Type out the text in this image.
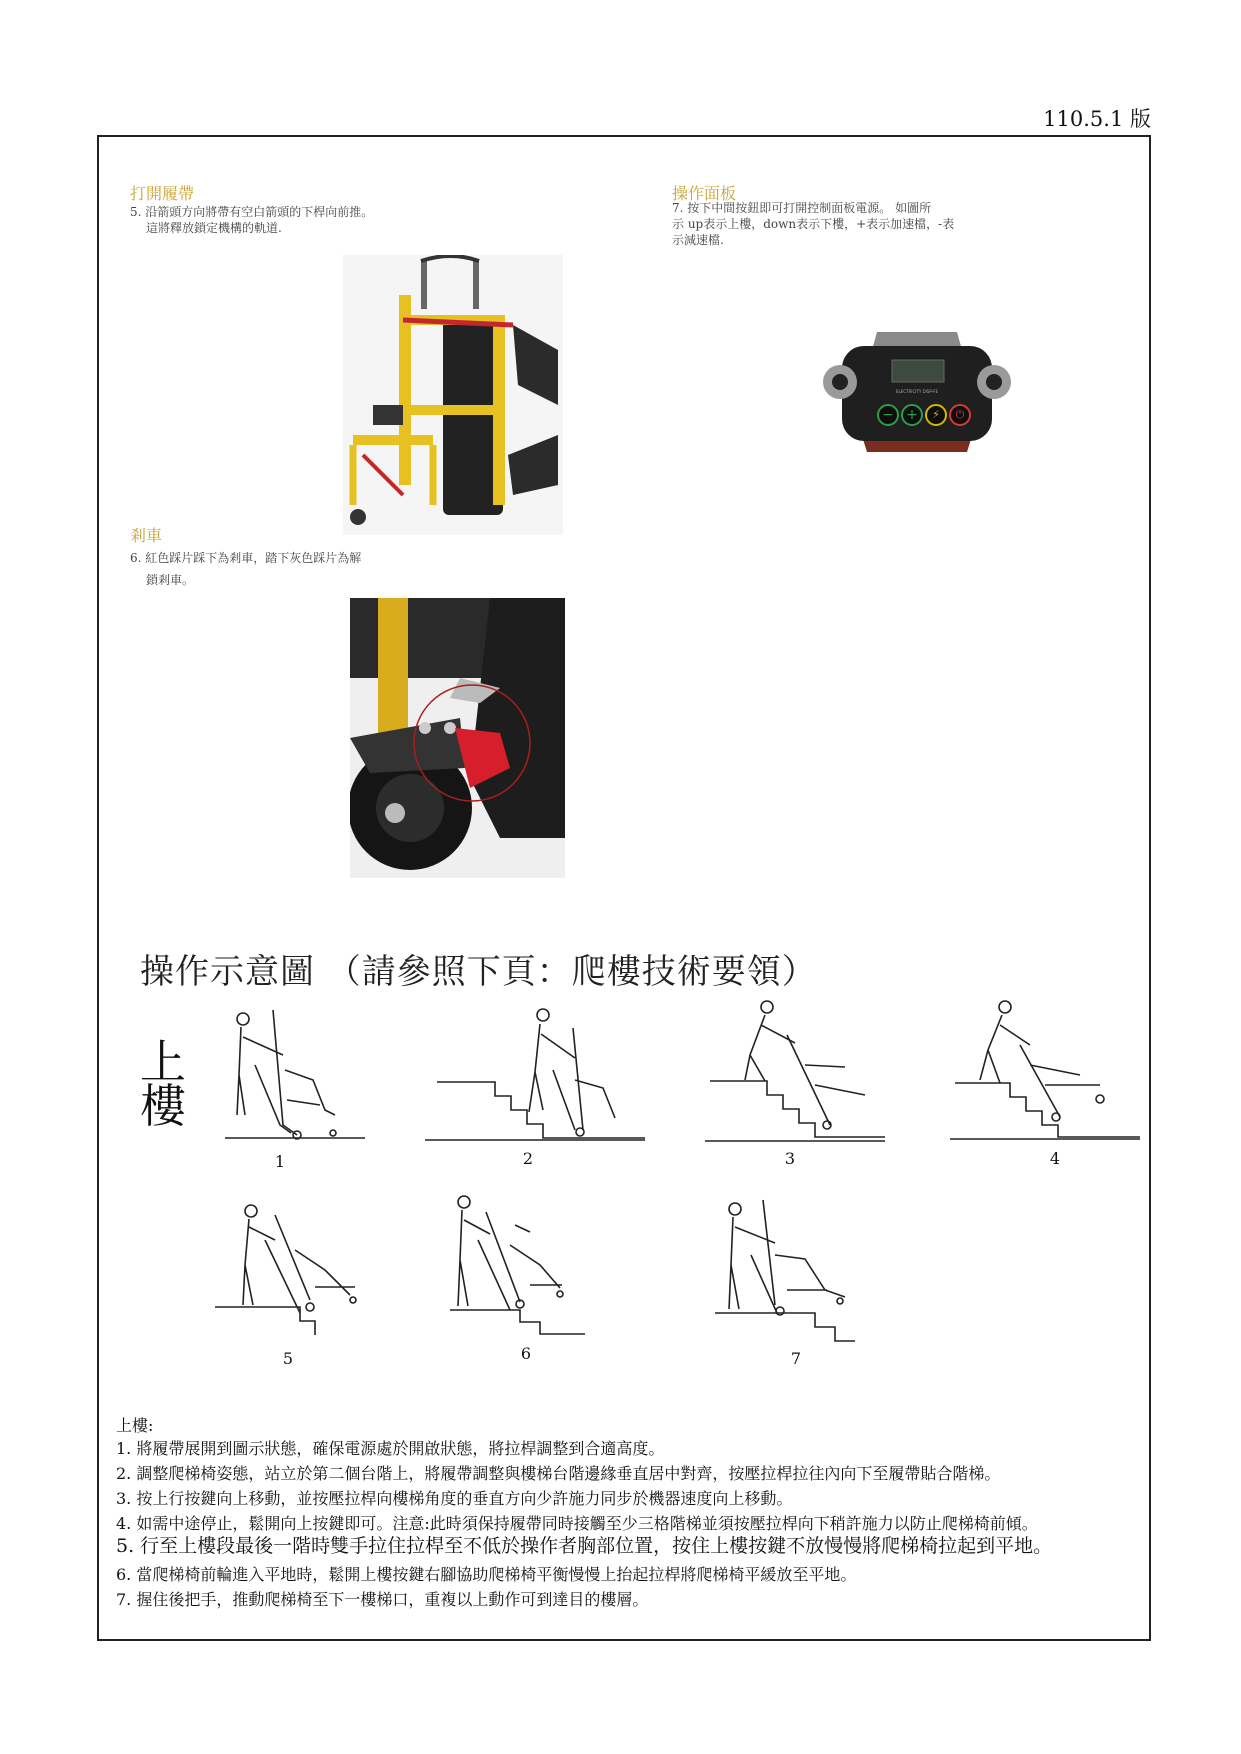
110.5.1 版
打開履帶
5. 沿箭頭方向將帶有空白箭頭的下桿向前推。
這將釋放鎖定機構的軌道.
操作面板
7. 按下中間按鈕即可打開控制面板電源。 如圖所
示 up表示上樓，down表示下樓，+表示加速檔，-表
示減速檔.
ELECTRICITY DISP-FE
− +	⚡	⏻
剎車
6. 紅色踩片踩下為剎車，踏下灰色踩片為解
鎖剎車。
操作示意圖 （請參照下頁：爬樓技術要領）
上
樓
1	2	3	4
5	6	7
上樓:
1. 將履帶展開到圖示狀態，確保電源處於開啟狀態，將拉桿調整到合適高度。
2. 調整爬梯椅姿態，站立於第二個台階上，將履帶調整與樓梯台階邊緣垂直居中對齊，按壓拉桿拉往內向下至履帶貼合階梯。
3. 按上行按鍵向上移動，並按壓拉桿向樓梯角度的垂直方向少許施力同步於機器速度向上移動。
4. 如需中途停止，鬆開向上按鍵即可。注意:此時須保持履帶同時接觸至少三格階梯並須按壓拉桿向下稍許施力以防止爬梯椅前傾。
5. 行至上樓段最後一階時雙手拉住拉桿至不低於操作者胸部位置，按住上樓按鍵不放慢慢將爬梯椅拉起到平地。
6. 當爬梯椅前輪進入平地時，鬆開上樓按鍵右腳協助爬梯椅平衡慢慢上抬起拉桿將爬梯椅平緩放至平地。
7. 握住後把手，推動爬梯椅至下一樓梯口，重複以上動作可到達目的樓層。
